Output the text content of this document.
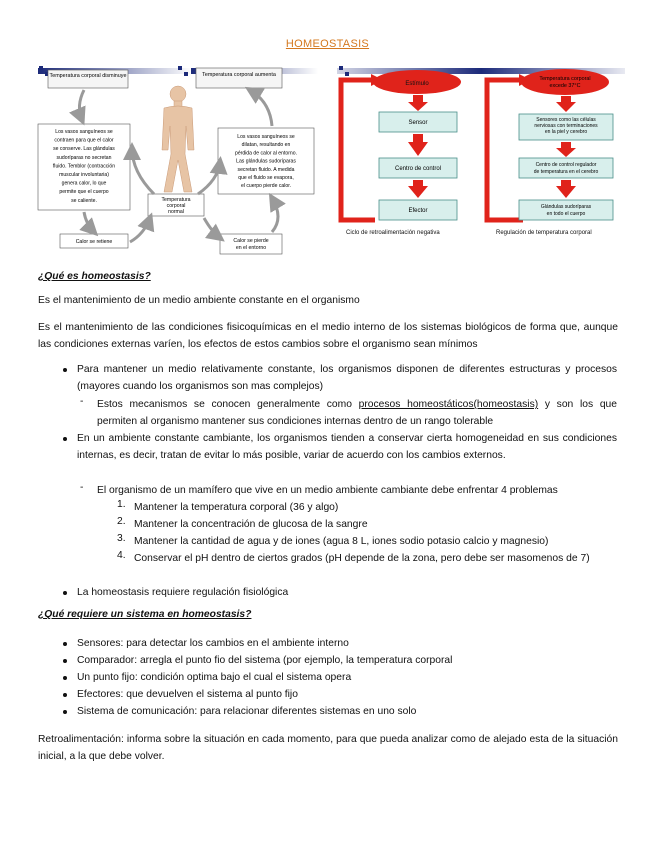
HOMEOSTASIS
Temperatura corporal disminuye	Temperatura corporal aumenta
Los vasos sanguíneos se contraen para que el calor se conserve. Las glándulas sudoríparas no secretan fluido. Temblor (contracción muscular involuntaria) genera calor, lo que permite que el cuerpo se caliente.
Los vasos sanguíneos se dilatan, resultando en pérdida de calor al entorno. Las glándulas sudoríparas secretan fluido. A medida que el fluido se evapora, el cuerpo pierde calor.
Temperatura
corporal
normal
Calor se retiene	Calor se pierde
en el entorno
Estímulo
Sensor
Centro de control
Efector
Temperatura corporal
excede 37°C
Sensores como las células
nerviosas con terminaciones
en la piel y cerebro
Centro de control regulador
de temperatura en el cerebro
Glándulas sudoríparas
en todo el cuerpo
Ciclo de retroalimentación negativa	Regulación de temperatura corporal
¿Qué es homeostasis?

Es el mantenimiento de un medio ambiente constante en el organismo

Es el mantenimiento de las condiciones fisicoquímicas en el medio interno de los sistemas biológicos de forma que, aunque las condiciones externas varíen, los efectos de estos cambios sobre el organismo sean mínimos

Para mantener un medio relativamente constante, los organismos disponen de diferentes estructuras y procesos (mayores cuando los organismos son mas complejos)
- Estos mecanismos se conocen generalmente como procesos homeostáticos(homeostasis) y son los que permiten al organismo mantener sus condiciones internas dentro de un rango tolerable
En un ambiente constante cambiante, los organismos tienden a conservar cierta homogeneidad en sus condiciones internas, es decir, tratan de evitar lo más posible, variar de acuerdo con los cambios externos.
- El organismo de un mamífero que vive en un medio ambiente cambiante debe enfrentar 4 problemas
1. Mantener la temperatura corporal (36 y algo)
2. Mantener la concentración de glucosa de la sangre
3. Mantener la cantidad de agua y de iones (agua 8 L, iones sodio potasio calcio y magnesio)
4. Conservar el pH dentro de ciertos grados (pH depende de la zona, pero debe ser masomenos de 7)
La homeostasis requiere regulación fisiológica
¿Qué requiere un sistema en homeostasis?
Sensores: para detectar los cambios en el ambiente interno
Comparador: arregla el punto fio del sistema (por ejemplo, la temperatura corporal
Un punto fijo: condición optima bajo el cual el sistema opera
Efectores: que devuelven el sistema al punto fijo
Sistema de comunicación: para relacionar diferentes sistemas en uno solo

Retroalimentación: informa sobre la situación en cada momento, para que pueda analizar como de alejado esta de la situación inicial, a la que debe volver.
